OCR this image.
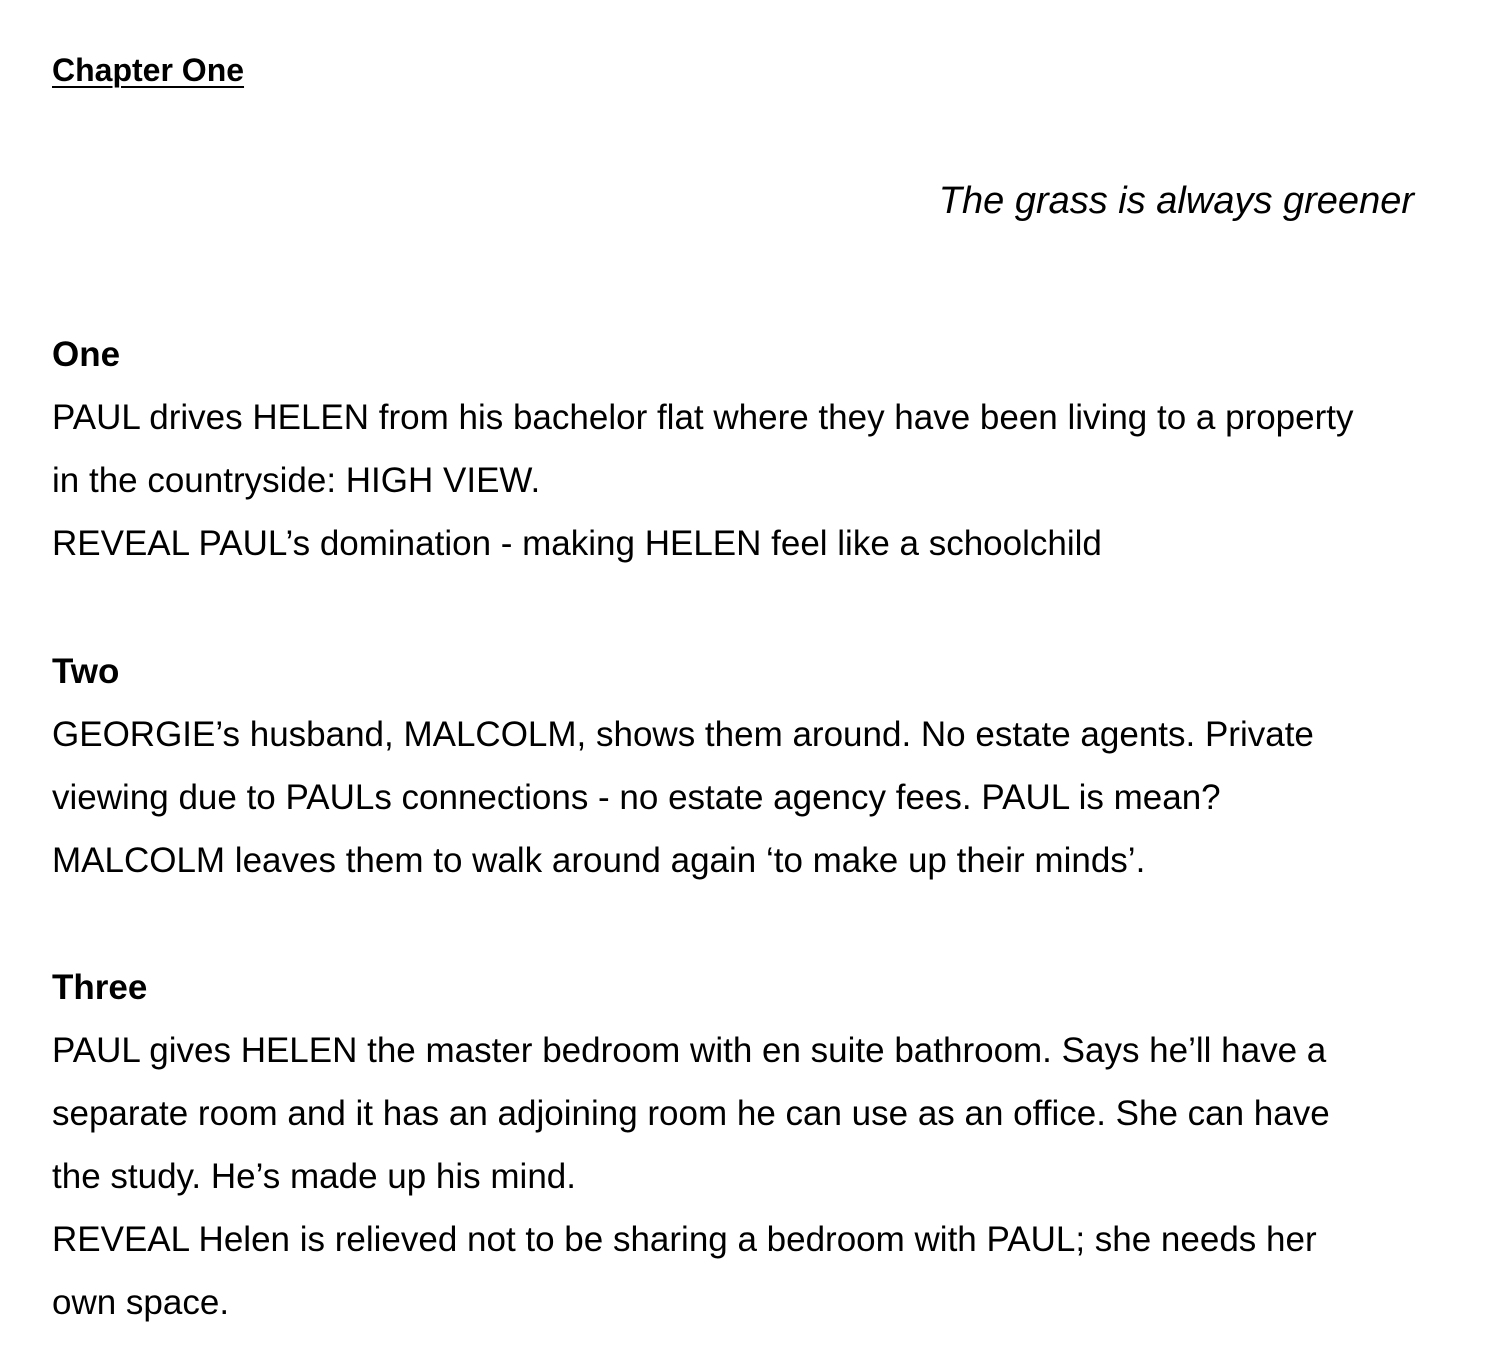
Chapter One
The grass is always greener

One

PAUL drives HELEN from his bachelor flat where they have been living to a property

in the countryside: HIGH VIEW.

REVEAL PAUL’s domination - making HELEN feel like a schoolchild

Two

GEORGIE’s husband, MALCOLM, shows them around. No estate agents. Private

viewing due to PAULs connections - no estate agency fees. PAUL is mean?

MALCOLM leaves them to walk around again ‘to make up their minds’.

Three

PAUL gives HELEN the master bedroom with en suite bathroom. Says he’ll have a

separate room and it has an adjoining room he can use as an office. She can have

the study. He’s made up his mind.

REVEAL Helen is relieved not to be sharing a bedroom with PAUL; she needs her

own space.
